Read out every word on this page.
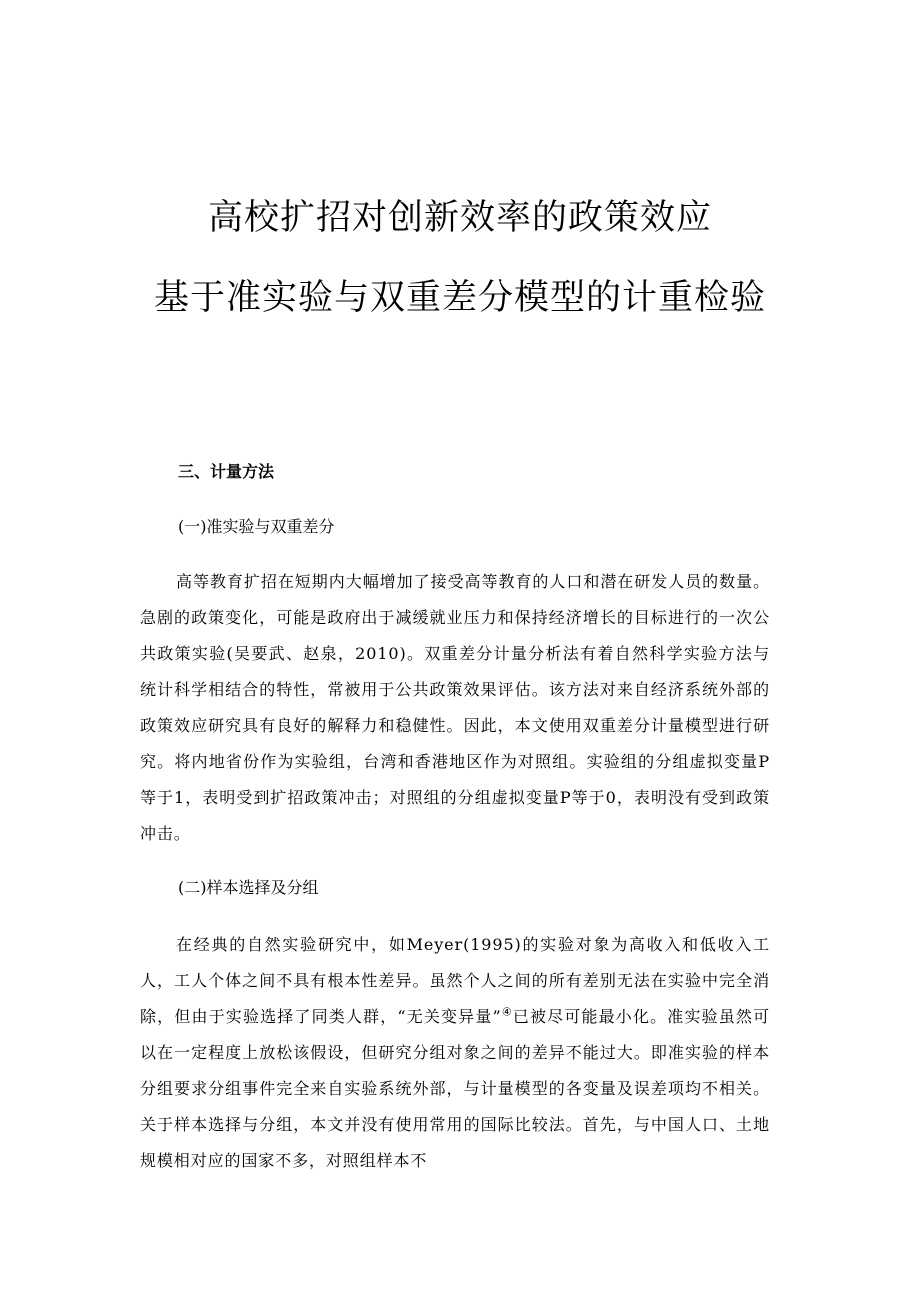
高校扩招对创新效率的政策效应
基于准实验与双重差分模型的计重检验
三、计量方法
(一)准实验与双重差分
高等教育扩招在短期内大幅增加了接受高等教育的人口和潜在研发人员的数量。急剧的政策变化，可能是政府出于减缓就业压力和保持经济增长的目标进行的一次公共政策实验(吴要武、赵泉，2010)。双重差分计量分析法有着自然科学实验方法与统计科学相结合的特性，常被用于公共政策效果评估。该方法对来自经济系统外部的政策效应研究具有良好的解释力和稳健性。因此，本文使用双重差分计量模型进行研究。将内地省份作为实验组，台湾和香港地区作为对照组。实验组的分组虚拟变量P等于1，表明受到扩招政策冲击；对照组的分组虚拟变量P等于0，表明没有受到政策冲击。
(二)样本选择及分组
在经典的自然实验研究中，如Meyer(1995)的实验对象为高收入和低收入工人，工人个体之间不具有根本性差异。虽然个人之间的所有差别无法在实验中完全消除，但由于实验选择了同类人群，“无关变异量”④已被尽可能最小化。准实验虽然可以在一定程度上放松该假设，但研究分组对象之间的差异不能过大。即准实验的样本分组要求分组事件完全来自实验系统外部，与计量模型的各变量及误差项均不相关。关于样本选择与分组，本文并没有使用常用的国际比较法。首先，与中国人口、土地规模相对应的国家不多，对照组样本不
